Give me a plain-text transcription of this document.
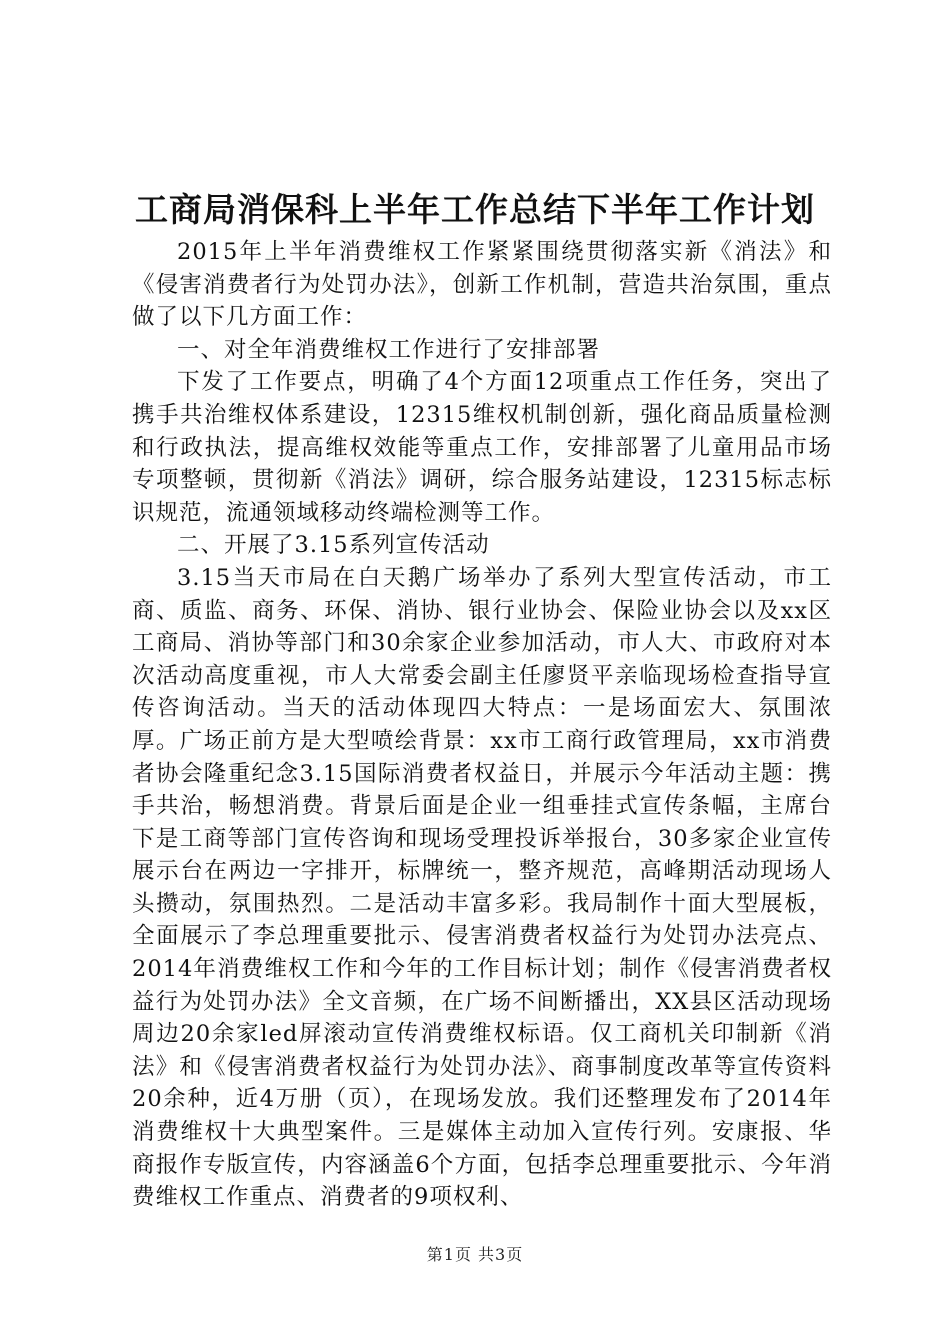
工商局消保科上半年工作总结下半年工作计划

2015年上半年消费维权工作紧紧围绕贯彻落实新《消法》和《侵害消费者行为处罚办法》，创新工作机制，营造共治氛围，重点做了以下几方面工作：

一、对全年消费维权工作进行了安排部署

下发了工作要点，明确了4个方面12项重点工作任务，突出了携手共治维权体系建设，12315维权机制创新，强化商品质量检测和行政执法，提高维权效能等重点工作，安排部署了儿童用品市场专项整顿，贯彻新《消法》调研，综合服务站建设，12315标志标识规范，流通领域移动终端检测等工作。

二、开展了3.15系列宣传活动

3.15当天市局在白天鹅广场举办了系列大型宣传活动，市工商、质监、商务、环保、消协、银行业协会、保险业协会以及xx区工商局、消协等部门和30余家企业参加活动，市人大、市政府对本次活动高度重视，市人大常委会副主任廖贤平亲临现场检查指导宣传咨询活动。当天的活动体现四大特点：一是场面宏大、氛围浓厚。广场正前方是大型喷绘背景：xx市工商行政管理局，xx市消费者协会隆重纪念3.15国际消费者权益日，并展示今年活动主题：携手共治，畅想消费。背景后面是企业一组垂挂式宣传条幅，主席台下是工商等部门宣传咨询和现场受理投诉举报台，30多家企业宣传展示台在两边一字排开，标牌统一，整齐规范，高峰期活动现场人头攒动，氛围热烈。二是活动丰富多彩。我局制作十面大型展板，全面展示了李总理重要批示、侵害消费者权益行为处罚办法亮点、2014年消费维权工作和今年的工作目标计划；制作《侵害消费者权益行为处罚办法》全文音频，在广场不间断播出，XX县区活动现场周边20余家led屏滚动宣传消费维权标语。仅工商机关印制新《消法》和《侵害消费者权益行为处罚办法》、商事制度改革等宣传资料20余种，近4万册（页），在现场发放。我们还整理发布了2014年消费维权十大典型案件。三是媒体主动加入宣传行列。安康报、华商报作专版宣传，内容涵盖6个方面，包括李总理重要批示、今年消费维权工作重点、消费者的9项权利、

第1页 共3页
